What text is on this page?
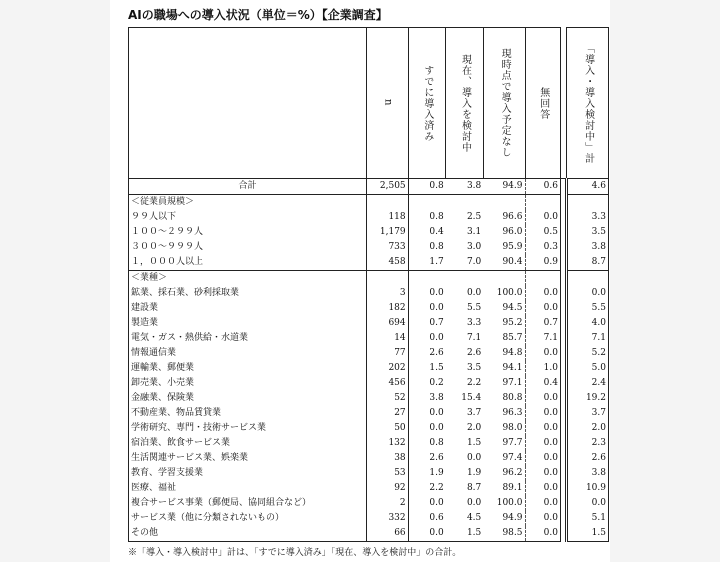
AIの職場への導入状況（単位＝%）【企業調査】

	n	すでに導入済み	現在、導入を検討中	現時点で導入予定なし	無回答		「導入・導入検討中」計

合計	2,505	0.8	3.8	94.9	0.6		4.6
＜従業員規模＞							
９９人以下	118	0.8	2.5	96.6	0.0		3.3
１００～２９９人	1,179	0.4	3.1	96.0	0.5		3.5
３００～９９９人	733	0.8	3.0	95.9	0.3		3.8
１，０００人以上	458	1.7	7.0	90.4	0.9		8.7
＜業種＞							
鉱業、採石業、砂利採取業	3	0.0	0.0	100.0	0.0		0.0
建設業	182	0.0	5.5	94.5	0.0		5.5
製造業	694	0.7	3.3	95.2	0.7		4.0
電気・ガス・熱供給・水道業	14	0.0	7.1	85.7	7.1		7.1
情報通信業	77	2.6	2.6	94.8	0.0		5.2
運輸業、郵便業	202	1.5	3.5	94.1	1.0		5.0
卸売業、小売業	456	0.2	2.2	97.1	0.4		2.4
金融業、保険業	52	3.8	15.4	80.8	0.0		19.2
不動産業、物品賃貸業	27	0.0	3.7	96.3	0.0		3.7
学術研究、専門・技術サービス業	50	0.0	2.0	98.0	0.0		2.0
宿泊業、飲食サービス業	132	0.8	1.5	97.7	0.0		2.3
生活関連サービス業、娯楽業	38	2.6	0.0	97.4	0.0		2.6
教育、学習支援業	53	1.9	1.9	96.2	0.0		3.8
医療、福祉	92	2.2	8.7	89.1	0.0		10.9
複合サービス事業（郵便局、協同組合など）	2	0.0	0.0	100.0	0.0		0.0
サービス業（他に分類されないもの）	332	0.6	4.5	94.9	0.0		5.1
その他	66	0.0	1.5	98.5	0.0		1.5
※「導入・導入検討中」計は、「すでに導入済み」「現在、導入を検討中」の合計。
